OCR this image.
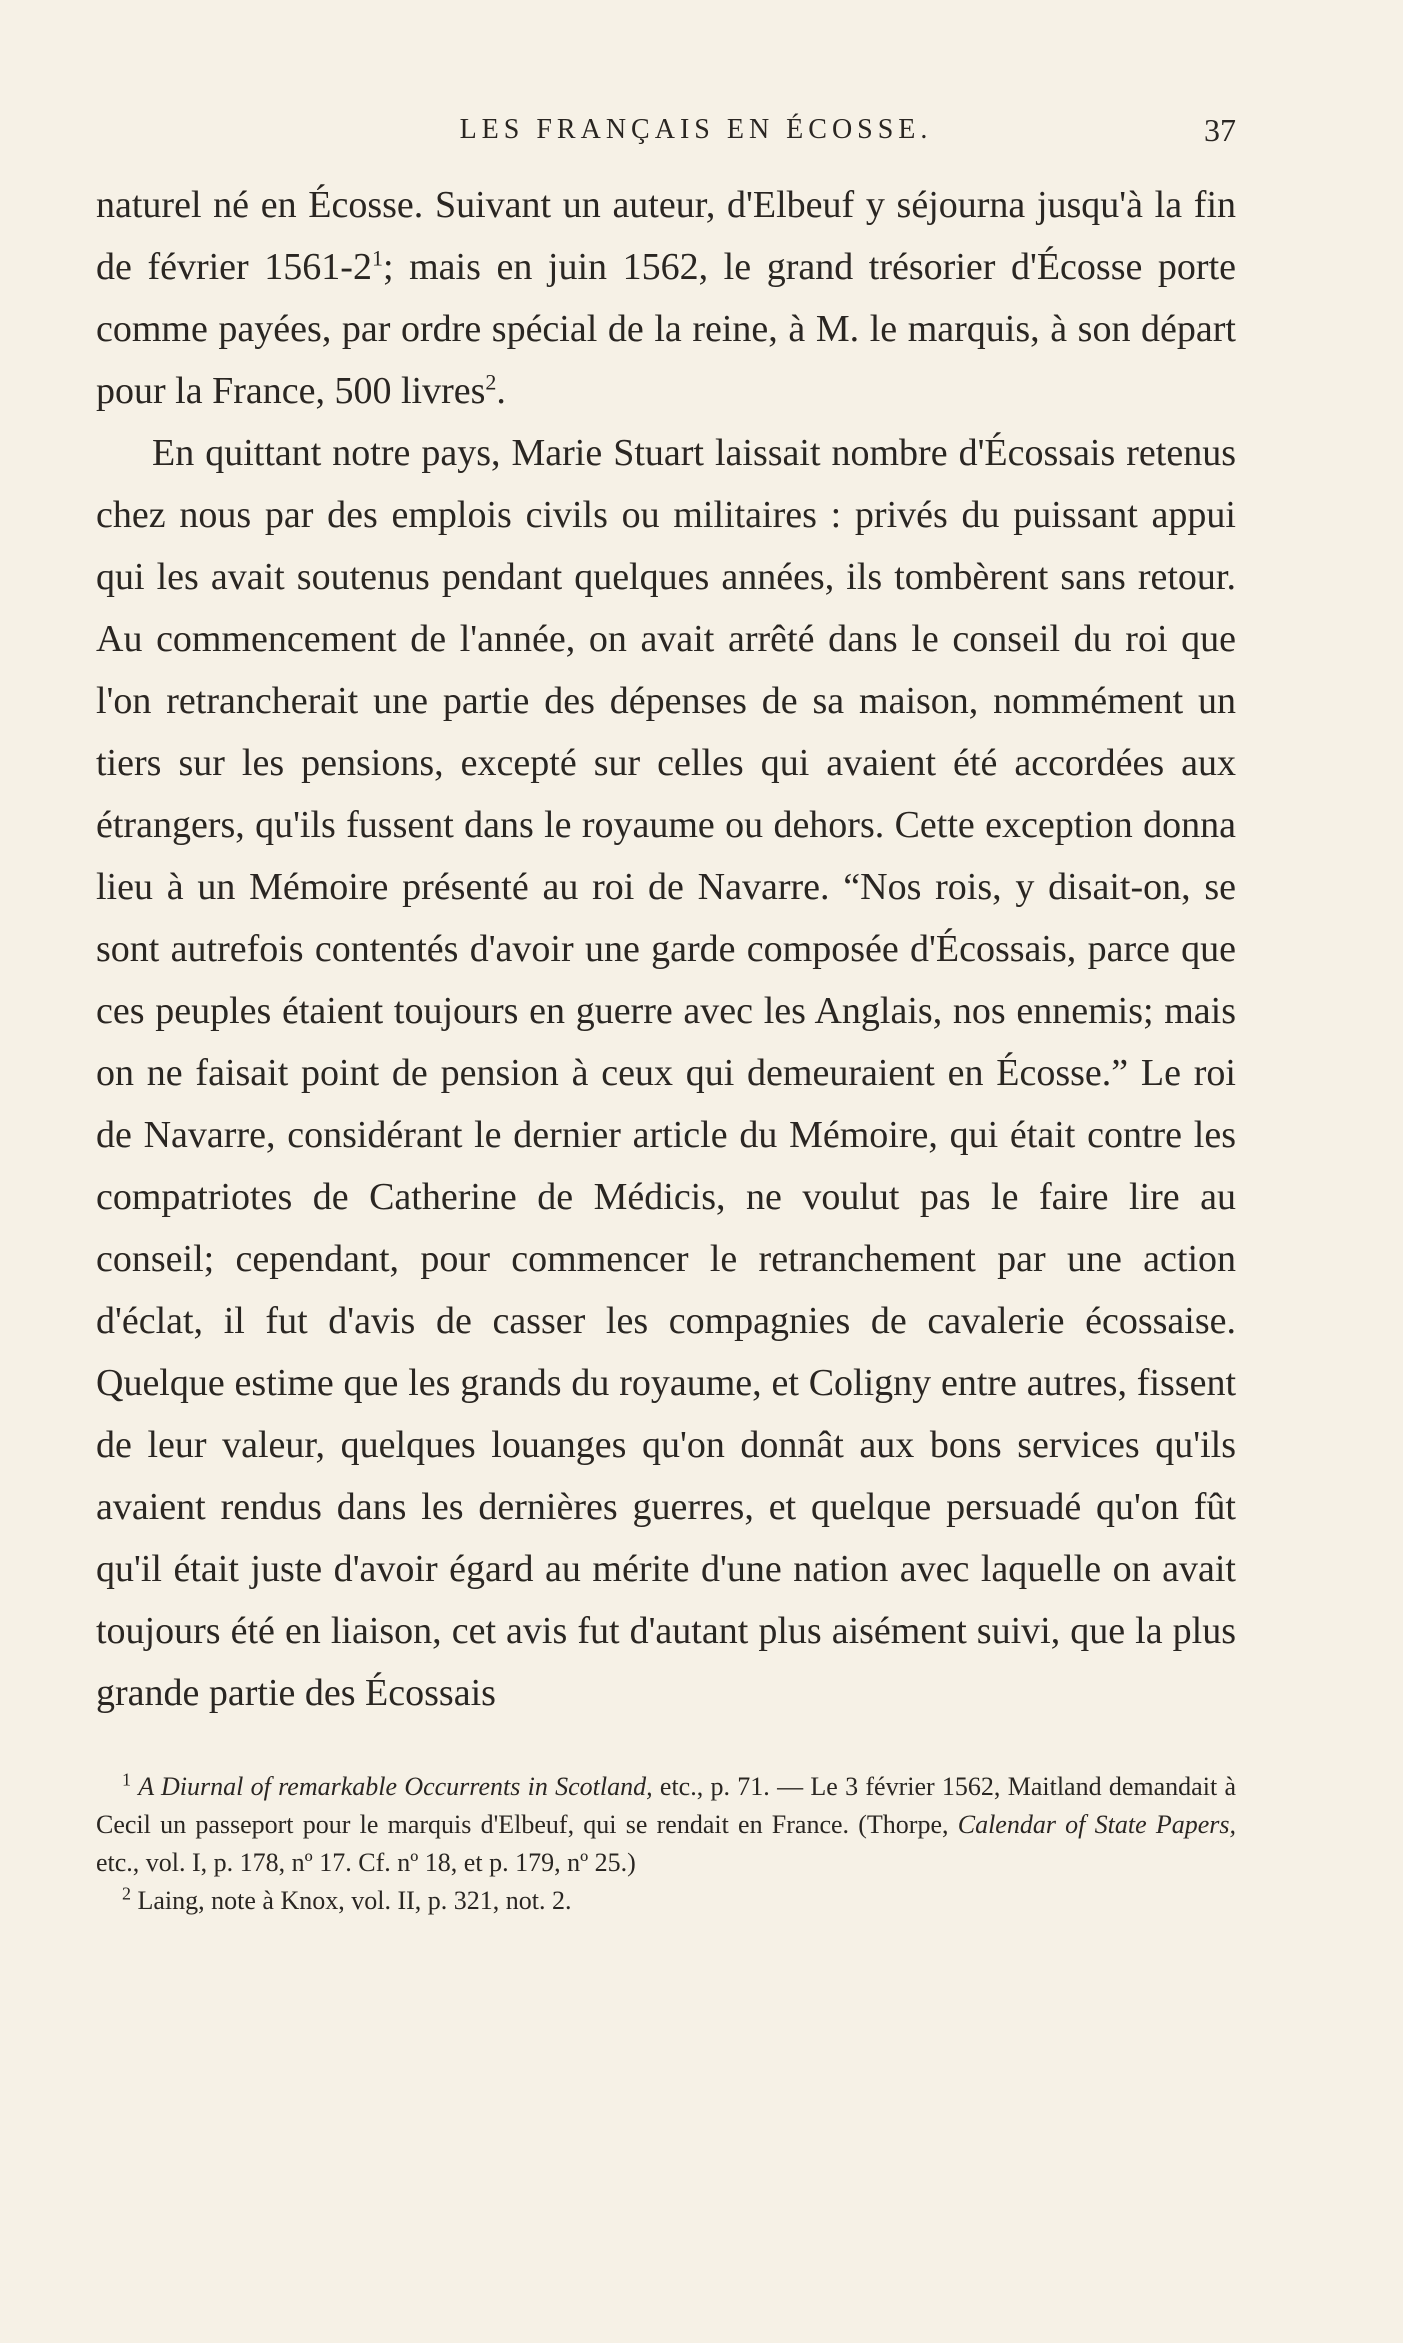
LES FRANÇAIS EN ÉCOSSE.	37

naturel né en Écosse. Suivant un auteur, d'Elbeuf y séjourna jusqu'à la fin de février $1561-2^1$; mais en juin 1562, le grand trésorier d'Écosse porte comme payées, par ordre spécial de la reine, à M. le marquis, à son départ pour la France, 500 livres$^2$.

En quittant notre pays, Marie Stuart laissait nombre d'Écossais retenus chez nous par des emplois civils ou militaires : privés du puissant appui qui les avait soutenus pendant quelques années, ils tombèrent sans retour. Au commencement de l'année, on avait arrêté dans le conseil du roi que l'on retrancherait une partie des dépenses de sa maison, nommément un tiers sur les pensions, excepté sur celles qui avaient été accordées aux étrangers, qu'ils fussent dans le royaume ou dehors. Cette exception donna lieu à un Mémoire présenté au roi de Navarre. “Nos rois, y disait-on, se sont autrefois contentés d'avoir une garde composée d'Écossais, parce que ces peuples étaient toujours en guerre avec les Anglais, nos ennemis; mais on ne faisait point de pension à ceux qui demeuraient en Écosse.” Le roi de Navarre, considérant le dernier article du Mémoire, qui était contre les compatriotes de Catherine de Médicis, ne voulut pas le faire lire au conseil; cependant, pour commencer le retranchement par une action d'éclat, il fut d'avis de casser les compagnies de cavalerie écossaise. Quelque estime que les grands du royaume, et Coligny entre autres, fissent de leur valeur, quelques louanges qu'on donnât aux bons services qu'ils avaient rendus dans les dernières guerres, et quelque persuadé qu'on fût qu'il était juste d'avoir égard au mérite d'une nation avec laquelle on avait toujours été en liaison, cet avis fut d'autant plus aisément suivi, que la plus grande partie des Écossais

$^1$ A Diurnal of remarkable Occurrents in Scotland, etc., p. 71. — Le 3 février 1562, Maitland demandait à Cecil un passeport pour le marquis d'Elbeuf, qui se rendait en France. (Thorpe, Calendar of State Papers, etc., vol. I, p. 178, nº 17. Cf. nº 18, et p. 179, nº 25.)

$^2$ Laing, note à Knox, vol. II, p. 321, not. 2.
